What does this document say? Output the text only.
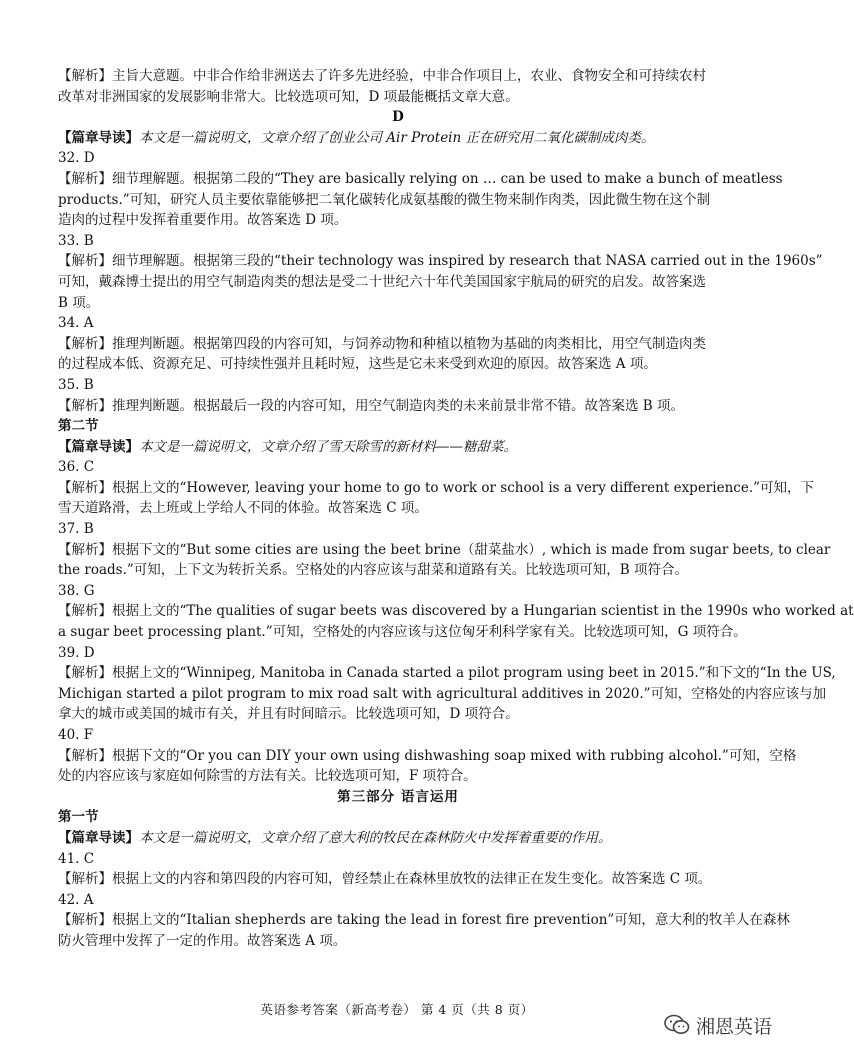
【解析】主旨大意题。中非合作给非洲送去了许多先进经验，中非合作项目上，农业、食物安全和可持续农村
改革对非洲国家的发展影响非常大。比较选项可知，D 项最能概括文章大意。
D
【篇章导读】本文是一篇说明文，文章介绍了创业公司 Air Protein 正在研究用二氧化碳制成肉类。
32. D
【解析】细节理解题。根据第二段的“They are basically relying on … can be used to make a bunch of meatless
products.”可知，研究人员主要依靠能够把二氧化碳转化成氨基酸的微生物来制作肉类，因此微生物在这个制
造肉的过程中发挥着重要作用。故答案选 D 项。
33. B
【解析】细节理解题。根据第三段的“their technology was inspired by research that NASA carried out in the 1960s”
可知，戴森博士提出的用空气制造肉类的想法是受二十世纪六十年代美国国家宇航局的研究的启发。故答案选
B 项。
34. A
【解析】推理判断题。根据第四段的内容可知，与饲养动物和种植以植物为基础的肉类相比，用空气制造肉类
的过程成本低、资源充足、可持续性强并且耗时短，这些是它未来受到欢迎的原因。故答案选 A 项。
35. B
【解析】推理判断题。根据最后一段的内容可知，用空气制造肉类的未来前景非常不错。故答案选 B 项。
第二节
【篇章导读】本文是一篇说明文，文章介绍了雪天除雪的新材料——糖甜菜。
36. C
【解析】根据上文的“However, leaving your home to go to work or school is a very different experience.”可知，下
雪天道路滑，去上班或上学给人不同的体验。故答案选 C 项。
37. B
【解析】根据下文的“But some cities are using the beet brine（甜菜盐水）, which is made from sugar beets, to clear
the roads.”可知，上下文为转折关系。空格处的内容应该与甜菜和道路有关。比较选项可知，B 项符合。
38. G
【解析】根据上文的“The qualities of sugar beets was discovered by a Hungarian scientist in the 1990s who worked at
a sugar beet processing plant.”可知，空格处的内容应该与这位匈牙利科学家有关。比较选项可知，G 项符合。
39. D
【解析】根据上文的“Winnipeg, Manitoba in Canada started a pilot program using beet in 2015.”和下文的“In the US,
Michigan started a pilot program to mix road salt with agricultural additives in 2020.”可知，空格处的内容应该与加
拿大的城市或美国的城市有关，并且有时间暗示。比较选项可知，D 项符合。
40. F
【解析】根据下文的“Or you can DIY your own using dishwashing soap mixed with rubbing alcohol.”可知，空格
处的内容应该与家庭如何除雪的方法有关。比较选项可知，F 项符合。
第三部分 语言运用
第一节
【篇章导读】本文是一篇说明文，文章介绍了意大利的牧民在森林防火中发挥着重要的作用。
41. C
【解析】根据上文的内容和第四段的内容可知，曾经禁止在森林里放牧的法律正在发生变化。故答案选 C 项。
42. A
【解析】根据上文的“Italian shepherds are taking the lead in forest fire prevention”可知，意大利的牧羊人在森林
防火管理中发挥了一定的作用。故答案选 A 项。
英语参考答案（新高考卷） 第 4 页（共 8 页）
湘恩英语
